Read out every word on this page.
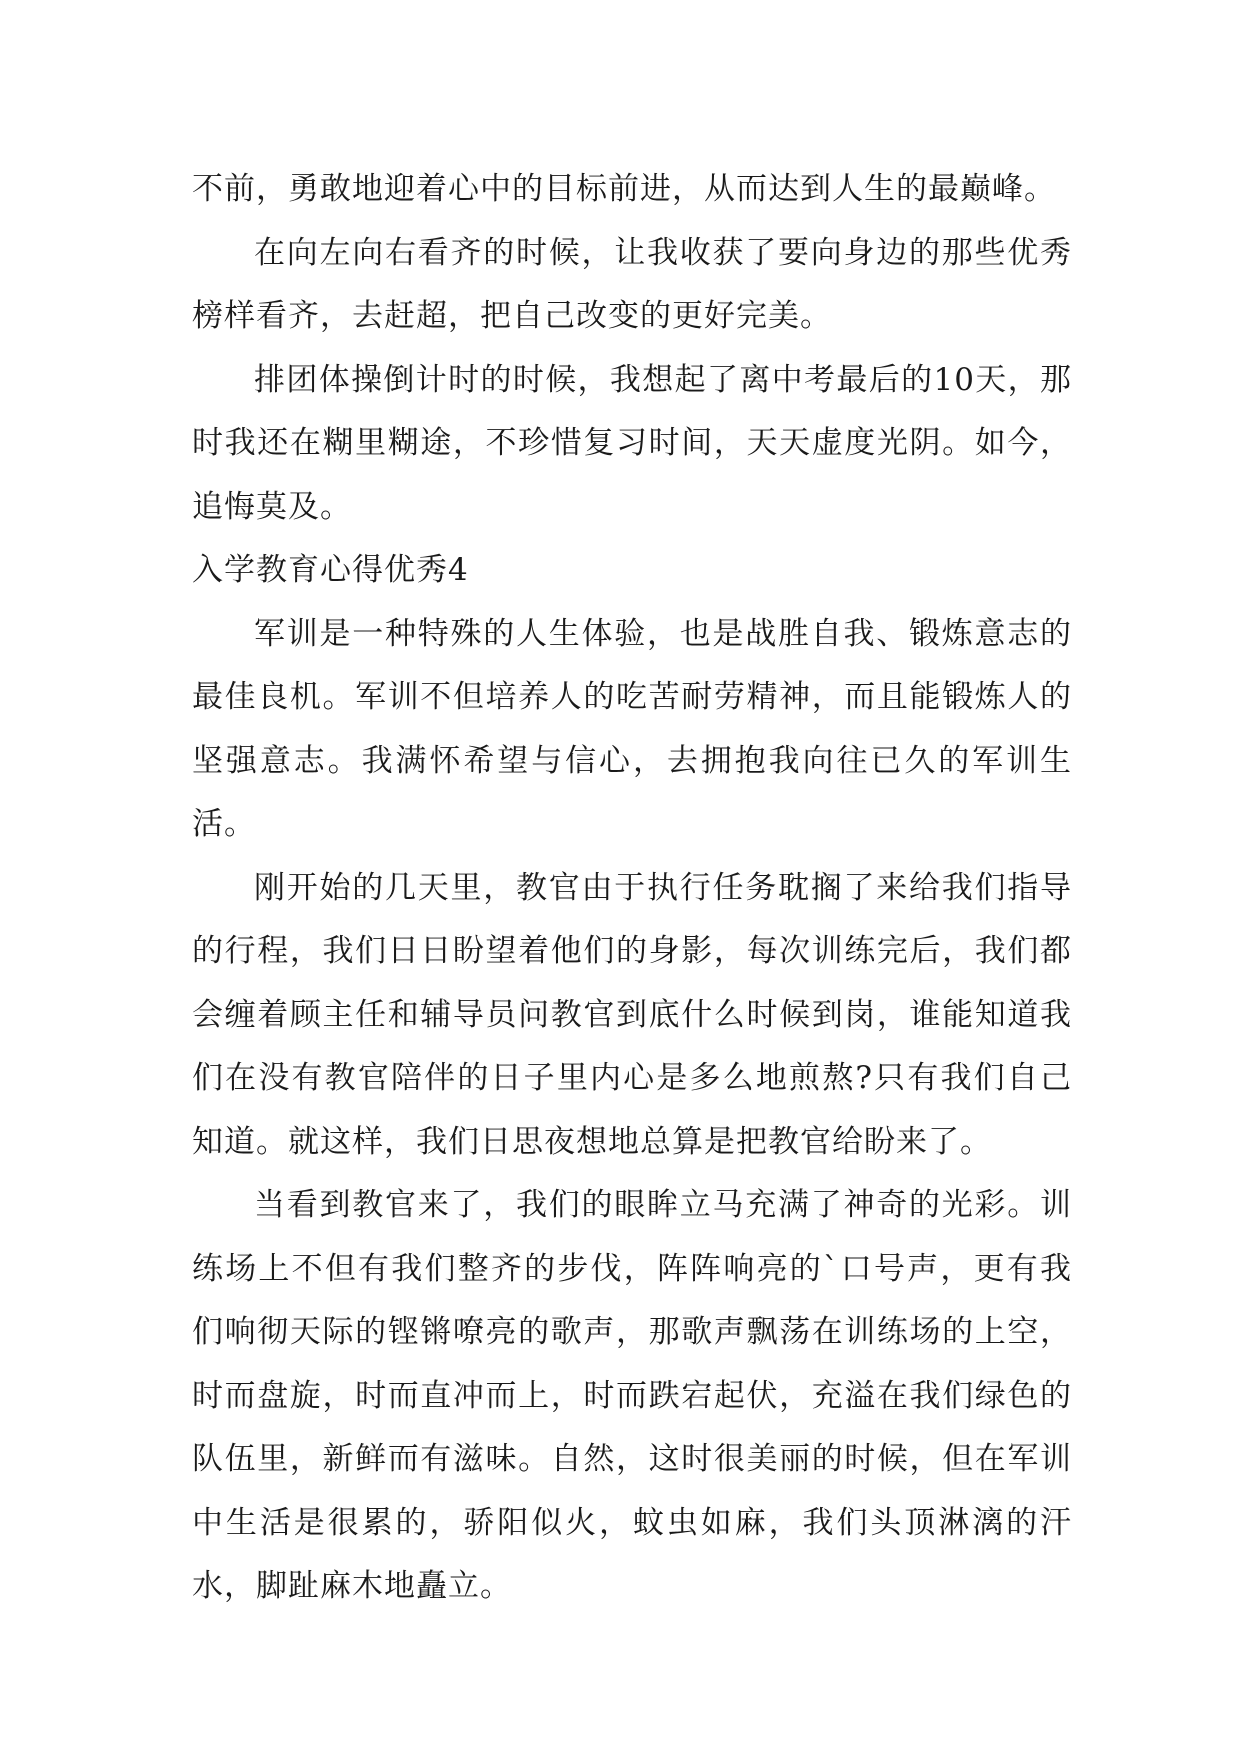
不前，勇敢地迎着心中的目标前进，从而达到人生的最巅峰。

在向左向右看齐的时候，让我收获了要向身边的那些优秀榜样看齐，去赶超，把自己改变的更好完美。

排团体操倒计时的时候，我想起了离中考最后的10天，那时我还在糊里糊途，不珍惜复习时间，天天虚度光阴。如今，追悔莫及。

入学教育心得优秀4

军训是一种特殊的人生体验，也是战胜自我、锻炼意志的最佳良机。军训不但培养人的吃苦耐劳精神，而且能锻炼人的坚强意志。我满怀希望与信心，去拥抱我向往已久的军训生活。

刚开始的几天里，教官由于执行任务耽搁了来给我们指导的行程，我们日日盼望着他们的身影，每次训练完后，我们都会缠着顾主任和辅导员问教官到底什么时候到岗，谁能知道我们在没有教官陪伴的日子里内心是多么地煎熬?只有我们自己知道。就这样，我们日思夜想地总算是把教官给盼来了。

当看到教官来了，我们的眼眸立马充满了神奇的光彩。训练场上不但有我们整齐的步伐，阵阵响亮的`口号声，更有我们响彻天际的铿锵嘹亮的歌声，那歌声飘荡在训练场的上空，时而盘旋，时而直冲而上，时而跌宕起伏，充溢在我们绿色的队伍里，新鲜而有滋味。自然，这时很美丽的时候，但在军训中生活是很累的，骄阳似火，蚊虫如麻，我们头顶淋漓的汗水，脚趾麻木地矗立。
